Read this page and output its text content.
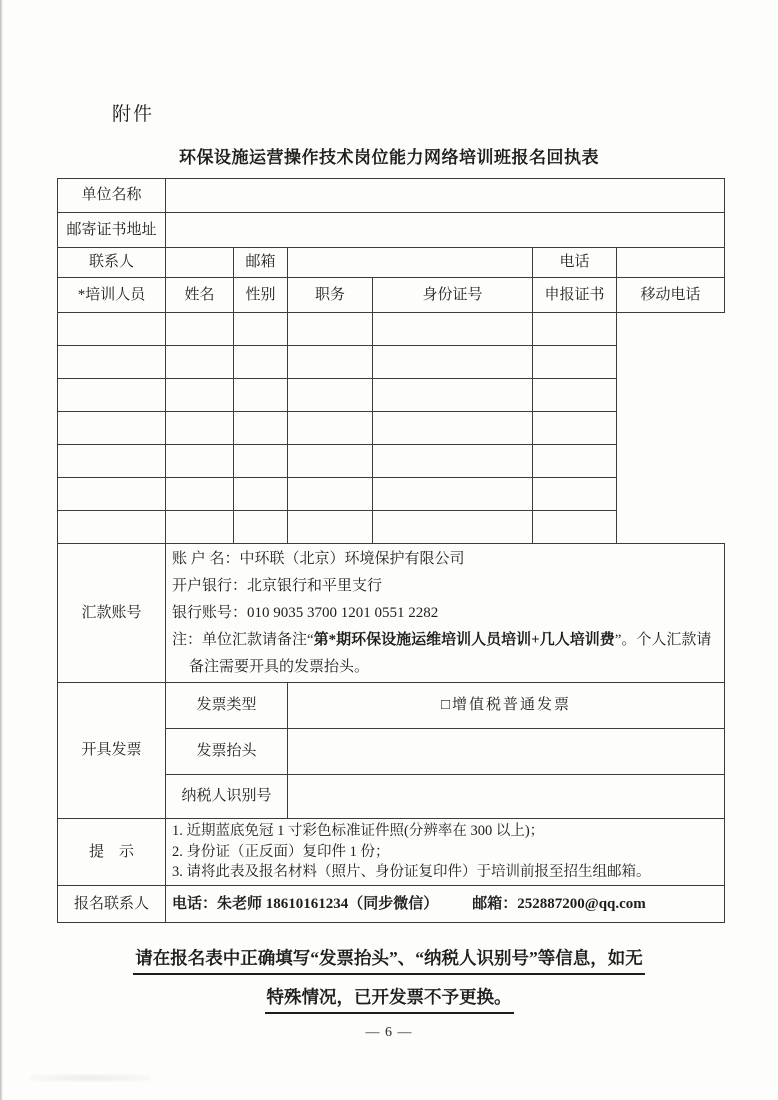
附件
环保设施运营操作技术岗位能力网络培训班报名回执表
单位名称						
邮寄证书地址						
联系人		邮箱			电话	
*培训人员	姓名	性别	职务	身份证号	申报证书	移动电话

汇款账号	账 户 名：中环联（北京）环境保护有限公司
开户银行：北京银行和平里支行
银行账号：010 9035 3700 1201 0551 2282
注：单位汇款请备注“第*期环保设施运维培训人员培训+几人培训费”。个人汇款请备注需要开具的发票抬头。					

开具发票	发票类型		□增值税普通发票			
	发票抬头					
	纳税人识别号					
提　示	1. 近期蓝底免冠 1 寸彩色标准证件照(分辨率在 300 以上)；
2. 身份证（正反面）复印件 1 份；
3. 请将此表及报名材料（照片、身份证复印件）于培训前报至招生组邮箱。					

报名联系人	电话：朱老师 18610161234（同步微信） 邮箱：252887200@qq.com					
请在报名表中正确填写“发票抬头”、“纳税人识别号”等信息，如无
特殊情况，已开发票不予更换。
— 6 —
